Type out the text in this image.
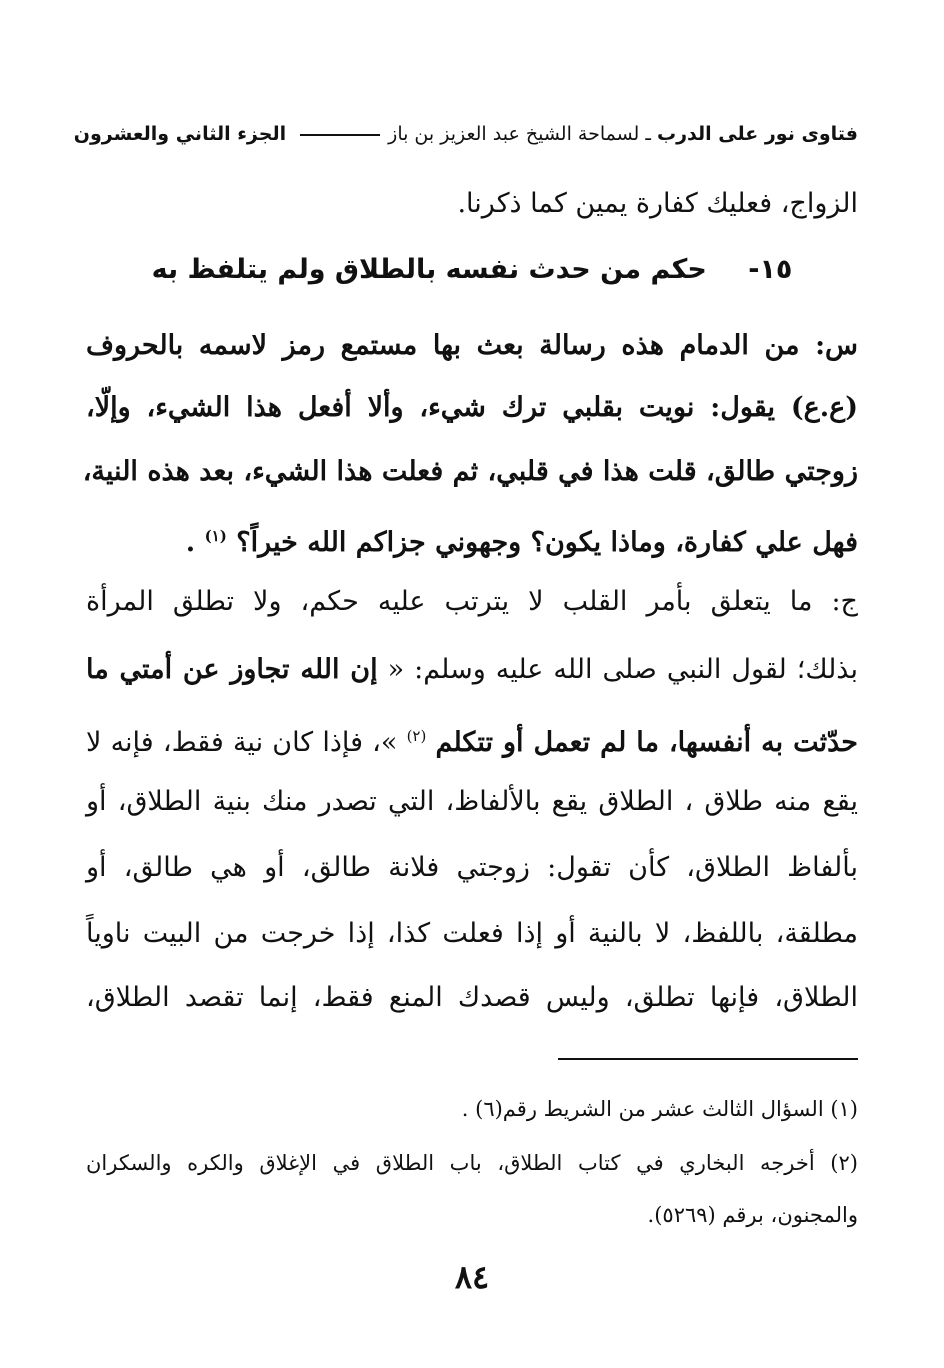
فتاوى نور على الدرب ـ لسماحة الشيخ عبد العزيز بن باز
الجزء الثاني والعشرون
الزواج، فعليك كفارة يمين كما ذكرنا.
١٥- حكم من حدث نفسه بالطلاق ولم يتلفظ به
س: من الدمام هذه رسالة بعث بها مستمع رمز لاسمه بالحروف
(ع.ع) يقول: نويت بقلبي ترك شيء، وألا أفعل هذا الشيء، وإلّا،
زوجتي طالق، قلت هذا في قلبي، ثم فعلت هذا الشيء، بعد هذه النية،
فهل علي كفارة، وماذا يكون؟ وجهوني جزاكم الله خيراً؟ $^{(١)}$ .
ج: ما يتعلق بأمر القلب لا يترتب عليه حكم، ولا تطلق المرأة
بذلك؛ لقول النبي صلى الله عليه وسلم: « إن الله تجاوز عن أمتي ما
حدّثت به أنفسها، ما لم تعمل أو تتكلم $^{(٢)}$ »، فإذا كان نية فقط، فإنه لا
يقع منه طلاق ، الطلاق يقع بالألفاظ، التي تصدر منك بنية الطلاق، أو
بألفاظ الطلاق، كأن تقول: زوجتي فلانة طالق، أو هي طالق، أو
مطلقة، باللفظ، لا بالنية أو إذا فعلت كذا، إذا خرجت من البيت ناوياً
الطلاق، فإنها تطلق، وليس قصدك المنع فقط، إنما تقصد الطلاق،
(١) السؤال الثالث عشر من الشريط رقم(٦) .
(٢) أخرجه البخاري في كتاب الطلاق، باب الطلاق في الإغلاق والكره والسكران
والمجنون، برقم (٥٢٦٩).
٨٤
